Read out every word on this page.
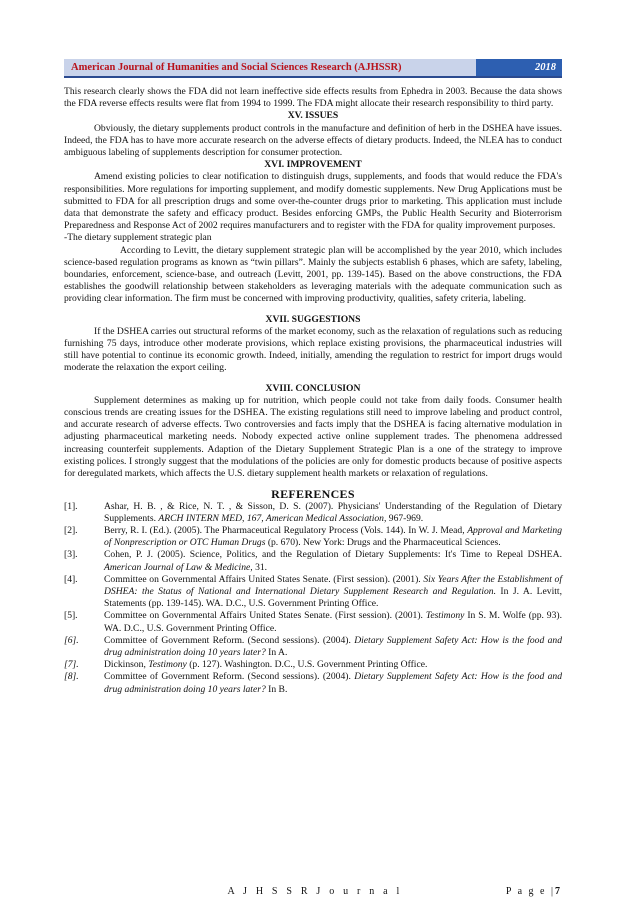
American Journal of Humanities and Social Sciences Research (AJHSSR)	2018

This research clearly shows the FDA did not learn ineffective side effects results from Ephedra in 2003. Because the data shows the FDA reverse effects results were flat from 1994 to 1999. The FDA might allocate their research responsibility to third party.

XV. ISSUES

Obviously, the dietary supplements product controls in the manufacture and definition of herb in the DSHEA have issues. Indeed, the FDA has to have more accurate research on the adverse effects of dietary products. Indeed, the NLEA has to conduct ambiguous labeling of supplements description for consumer protection.

XVI. IMPROVEMENT

Amend existing policies to clear notification to distinguish drugs, supplements, and foods that would reduce the FDA's responsibilities. More regulations for importing supplement, and modify domestic supplements. New Drug Applications must be submitted to FDA for all prescription drugs and some over-the-counter drugs prior to marketing. This application must include data that demonstrate the safety and efficacy product. Besides enforcing GMPs, the Public Health Security and Bioterrorism Preparedness and Response Act of 2002 requires manufacturers and to register with the FDA for quality improvement purposes.

-The dietary supplement strategic plan

According to Levitt, the dietary supplement strategic plan will be accomplished by the year 2010, which includes science-based regulation programs as known as “twin pillars”. Mainly the subjects establish 6 phases, which are safety, labeling, boundaries, enforcement, science-base, and outreach (Levitt, 2001, pp. 139-145). Based on the above constructions, the FDA establishes the goodwill relationship between stakeholders as leveraging materials with the adequate communication such as providing clear information. The firm must be concerned with improving productivity, qualities, safety criteria, labeling.

XVII. SUGGESTIONS

If the DSHEA carries out structural reforms of the market economy, such as the relaxation of regulations such as reducing furnishing 75 days, introduce other moderate provisions, which replace existing provisions, the pharmaceutical industries will still have potential to continue its economic growth. Indeed, initially, amending the regulation to restrict for import drugs would moderate the relaxation the export ceiling.

XVIII. CONCLUSION

Supplement determines as making up for nutrition, which people could not take from daily foods. Consumer health conscious trends are creating issues for the DSHEA. The existing regulations still need to improve labeling and product control, and accurate research of adverse effects. Two controversies and facts imply that the DSHEA is facing alternative modulation in adjusting pharmaceutical marketing needs. Nobody expected active online supplement trades. The phenomena addressed increasing counterfeit supplements. Adaption of the Dietary Supplement Strategic Plan is a one of the strategy to improve existing polices. I strongly suggest that the modulations of the policies are only for domestic products because of positive aspects for deregulated markets, which affects the U.S. dietary supplement health markets or relaxation of regulations.

REFERENCES

[1].	Ashar, H. B. , & Rice, N. T. , & Sisson, D. S. (2007). Physicians' Understanding of the Regulation of Dietary Supplements. ARCH INTERN MED, 167, American Medical Association, 967-969.
[2].	Berry, R. I. (Ed.). (2005). The Pharmaceutical Regulatory Process (Vols. 144). In W. J. Mead, Approval and Marketing of Nonprescription or OTC Human Drugs (p. 670). New York: Drugs and the Pharmaceutical Sciences.
[3].	Cohen, P. J. (2005). Science, Politics, and the Regulation of Dietary Supplements: It's Time to Repeal DSHEA. American Journal of Law & Medicine, 31.
[4].	Committee on Governmental Affairs United States Senate. (First session). (2001). Six Years After the Establishment of DSHEA: the Status of National and International Dietary Supplement Research and Regulation. In J. A. Levitt, Statements (pp. 139-145). WA. D.C., U.S. Government Printing Office.
[5].	Committee on Governmental Affairs United States Senate. (First session). (2001). Testimony In S. M. Wolfe (pp. 93). WA. D.C., U.S. Government Printing Office.
[6].	Committee of Government Reform. (Second sessions). (2004). Dietary Supplement Safety Act: How is the food and drug administration doing 10 years later? In A.
[7].	Dickinson, Testimony (p. 127). Washington. D.C., U.S. Government Printing Office.
[8].	Committee of Government Reform. (Second sessions). (2004). Dietary Supplement Safety Act: How is the food and drug administration doing 10 years later? In B.
A J H S S R J o u r n a l	P a g e |7
